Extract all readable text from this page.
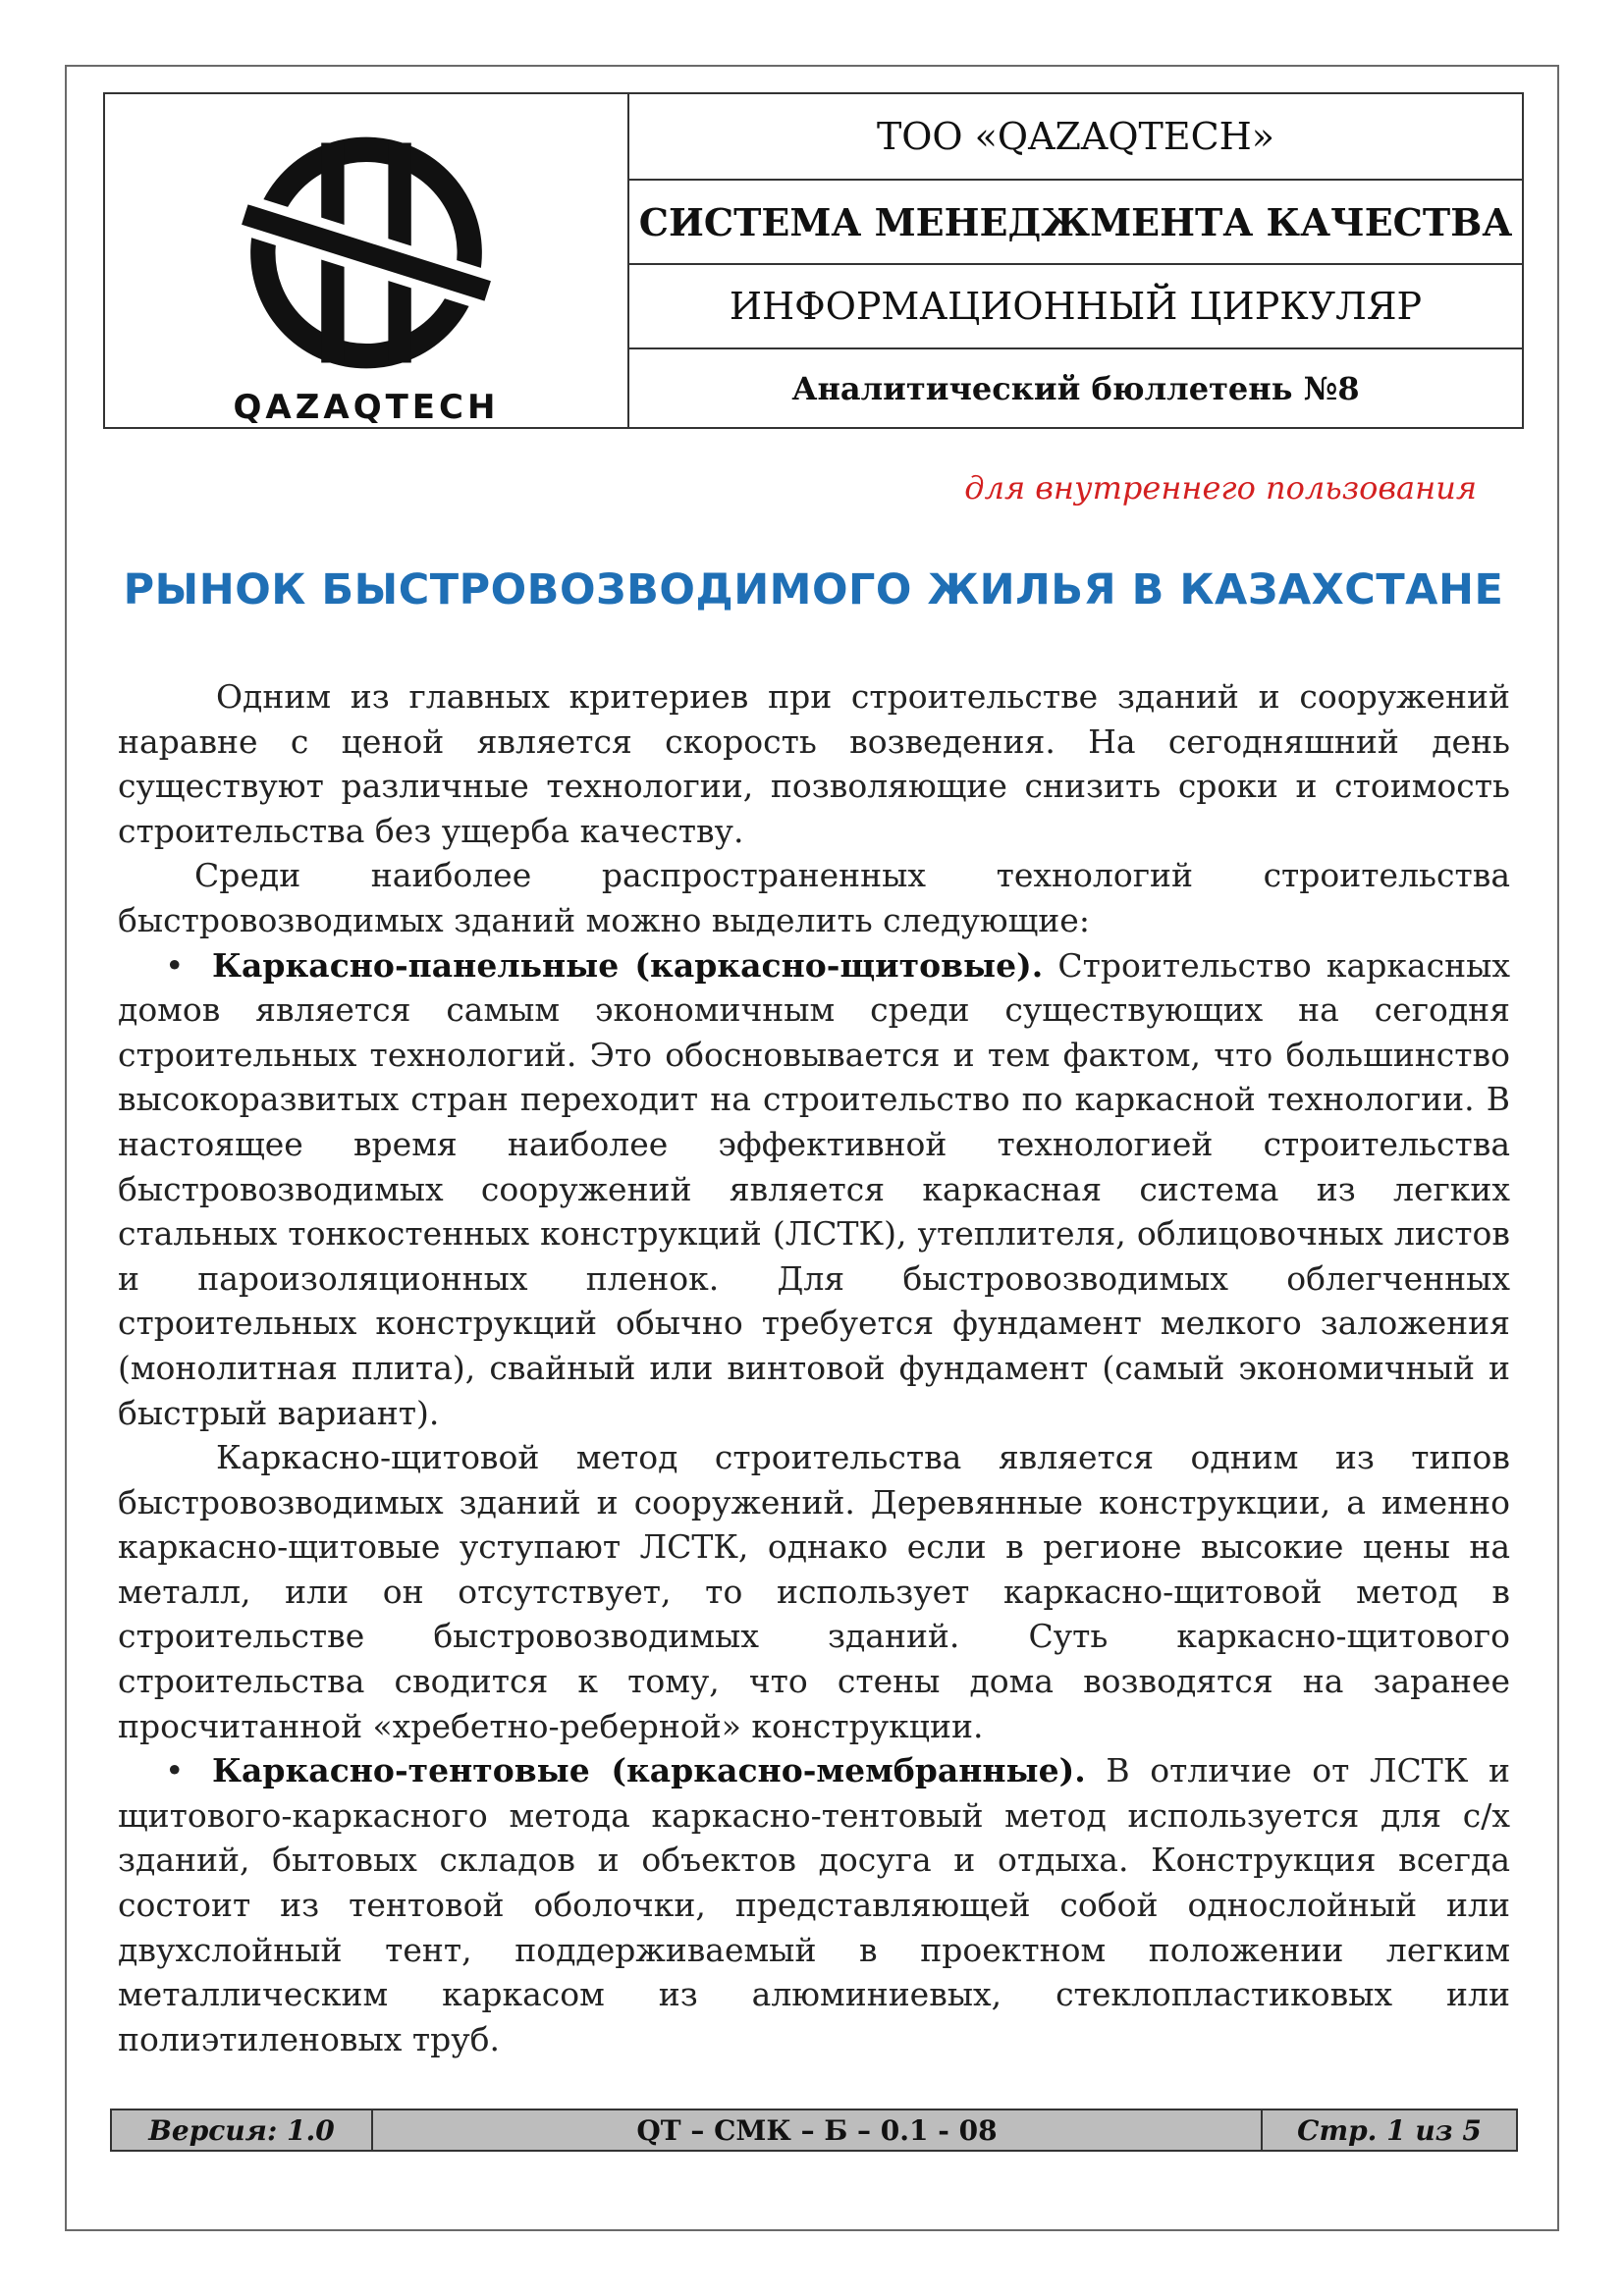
QAZAQTECH
ТОО «QAZAQTECH»
СИСТЕМА МЕНЕДЖМЕНТА КАЧЕСТВА
ИНФОРМАЦИОННЫЙ ЦИРКУЛЯР
Аналитический бюллетень №8
для внутреннего пользования
РЫНОК БЫСТРОВОЗВОДИМОГО ЖИЛЬЯ В КАЗАХСТАНЕ

Одним из главных критериев при строительстве зданий и сооружений наравне с ценой является скорость возведения. На сегодняшний день существуют различные технологии, позволяющие снизить сроки и стоимость строительства без ущерба качеству.

Среди наиболее распространенных технологий строительства быстровозводимых зданий можно выделить следующие:

• Каркасно-панельные (каркасно-щитовые). Строительство каркасных домов является самым экономичным среди существующих на сегодня строительных технологий. Это обосновывается и тем фактом, что большинство высокоразвитых стран переходит на строительство по каркасной технологии. В настоящее время наиболее эффективной технологией строительства быстровозводимых сооружений является каркасная система из легких стальных тонкостенных конструкций (ЛСТК), утеплителя, облицовочных листов и пароизоляционных пленок. Для быстровозводимых облегченных строительных конструкций обычно требуется фундамент мелкого заложения (монолитная плита), свайный или винтовой фундамент (самый экономичный и быстрый вариант).

Каркасно-щитовой метод строительства является одним из типов быстровозводимых зданий и сооружений. Деревянные конструкции, а именно каркасно-щитовые уступают ЛСТК, однако если в регионе высокие цены на металл, или он отсутствует, то использует каркасно-щитовой метод в строительстве быстровозводимых зданий. Суть каркасно-щитового строительства сводится к тому, что стены дома возводятся на заранее просчитанной «хребетно-реберной» конструкции.

• Каркасно-тентовые (каркасно-мембранные). В отличие от ЛСТК и щитового-каркасного метода каркасно-тентовый метод используется для с/х зданий, бытовых складов и объектов досуга и отдыха. Конструкция всегда состоит из тентовой оболочки, представляющей собой однослойный или двухслойный тент, поддерживаемый в проектном положении легким металлическим каркасом из алюминиевых, стеклопластиковых или полиэтиленовых труб.

Версия: 1.0	QT – СМК – Б – 0.1 - 08	Стр. 1 из 5
